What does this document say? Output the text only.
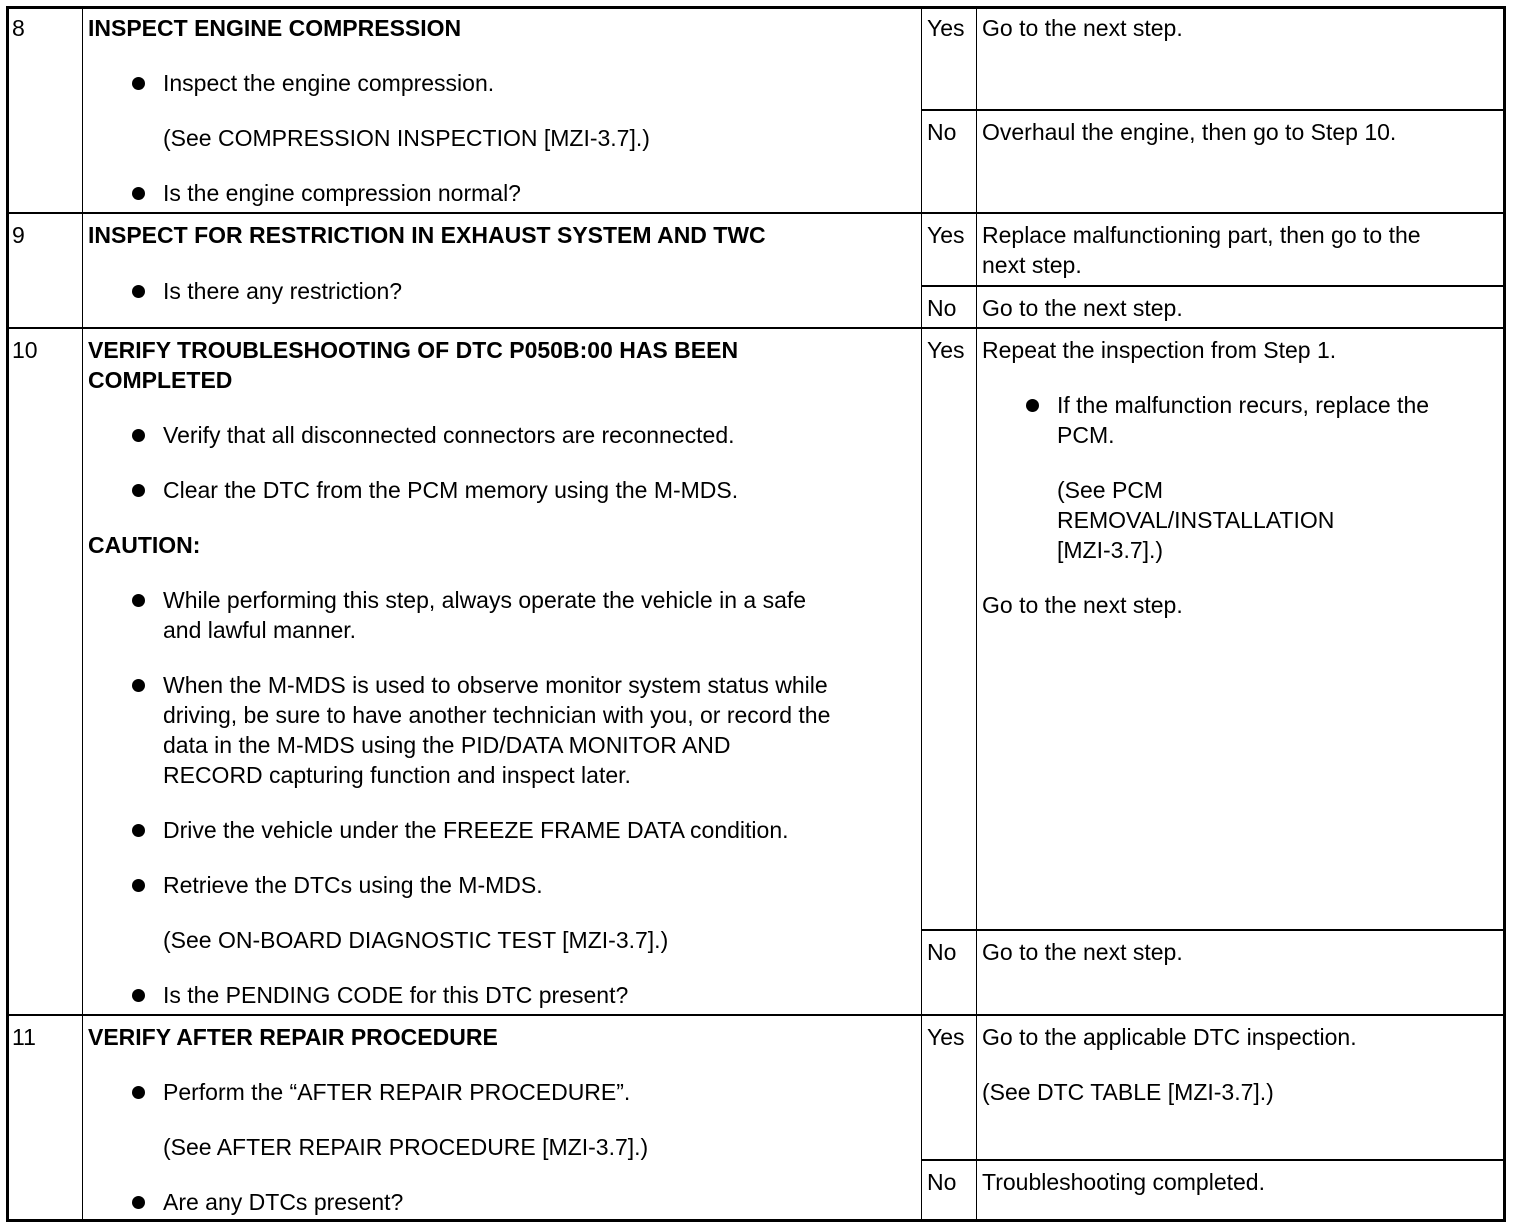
8	INSPECT ENGINE COMPRESSION
Inspect the engine compression.
(See COMPRESSION INSPECTION [MZI-3.7].)
Is the engine compression normal?
Yes Go to the next step.
No Overhaul the engine, then go to Step 10.
9	INSPECT FOR RESTRICTION IN EXHAUST SYSTEM AND TWC
Is there any restriction?
Yes Replace malfunctioning part, then go to the
next step.
No Go to the next step.
10 VERIFY TROUBLESHOOTING OF DTC P050B:00 HAS BEEN
COMPLETED
Verify that all disconnected connectors are reconnected.
Clear the DTC from the PCM memory using the M-MDS.
CAUTION:
While performing this step, always operate the vehicle in a safe
and lawful manner.
When the M-MDS is used to observe monitor system status while
driving, be sure to have another technician with you, or record the
data in the M-MDS using the PID/DATA MONITOR AND
RECORD capturing function and inspect later.
Drive the vehicle under the FREEZE FRAME DATA condition.
Retrieve the DTCs using the M-MDS.
(See ON-BOARD DIAGNOSTIC TEST [MZI-3.7].)
Is the PENDING CODE for this DTC present?
Yes Repeat the inspection from Step 1.
If the malfunction recurs, replace the
PCM.
(See PCM
REMOVAL/INSTALLATION
[MZI-3.7].)
Go to the next step.
No Go to the next step.
11 VERIFY AFTER REPAIR PROCEDURE
Perform the “AFTER REPAIR PROCEDURE”.
(See AFTER REPAIR PROCEDURE [MZI-3.7].)
Are any DTCs present?
Yes Go to the applicable DTC inspection.
(See DTC TABLE [MZI-3.7].)
No Troubleshooting completed.
